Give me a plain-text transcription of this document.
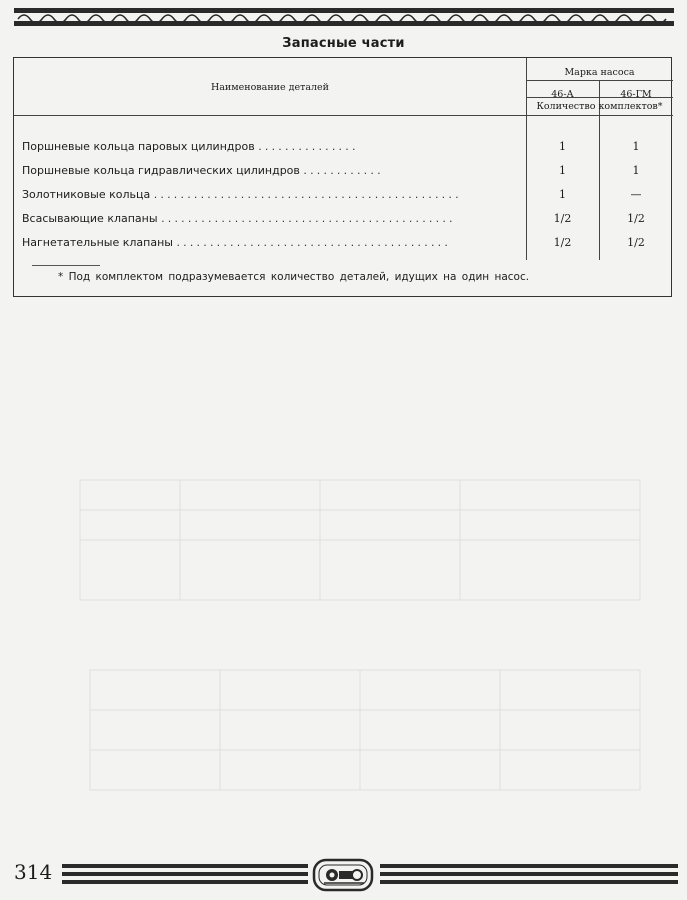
Запасные части
Наименование деталей
Марка насоса
46-А	46-ГМ
Количество комплектов*
Поршневые кольца паровых цилиндров ...............	1	1
Поршневые кольца гидравлических цилиндров ............	1	1
Золотниковые кольца ..............................................	1	—
Всасывающие клапаны ............................................	1/2	1/2
Нагнетательные клапаны .........................................	1/2	1/2
* Под комплектом подразумевается количество деталей, идущих на один насос.
314
